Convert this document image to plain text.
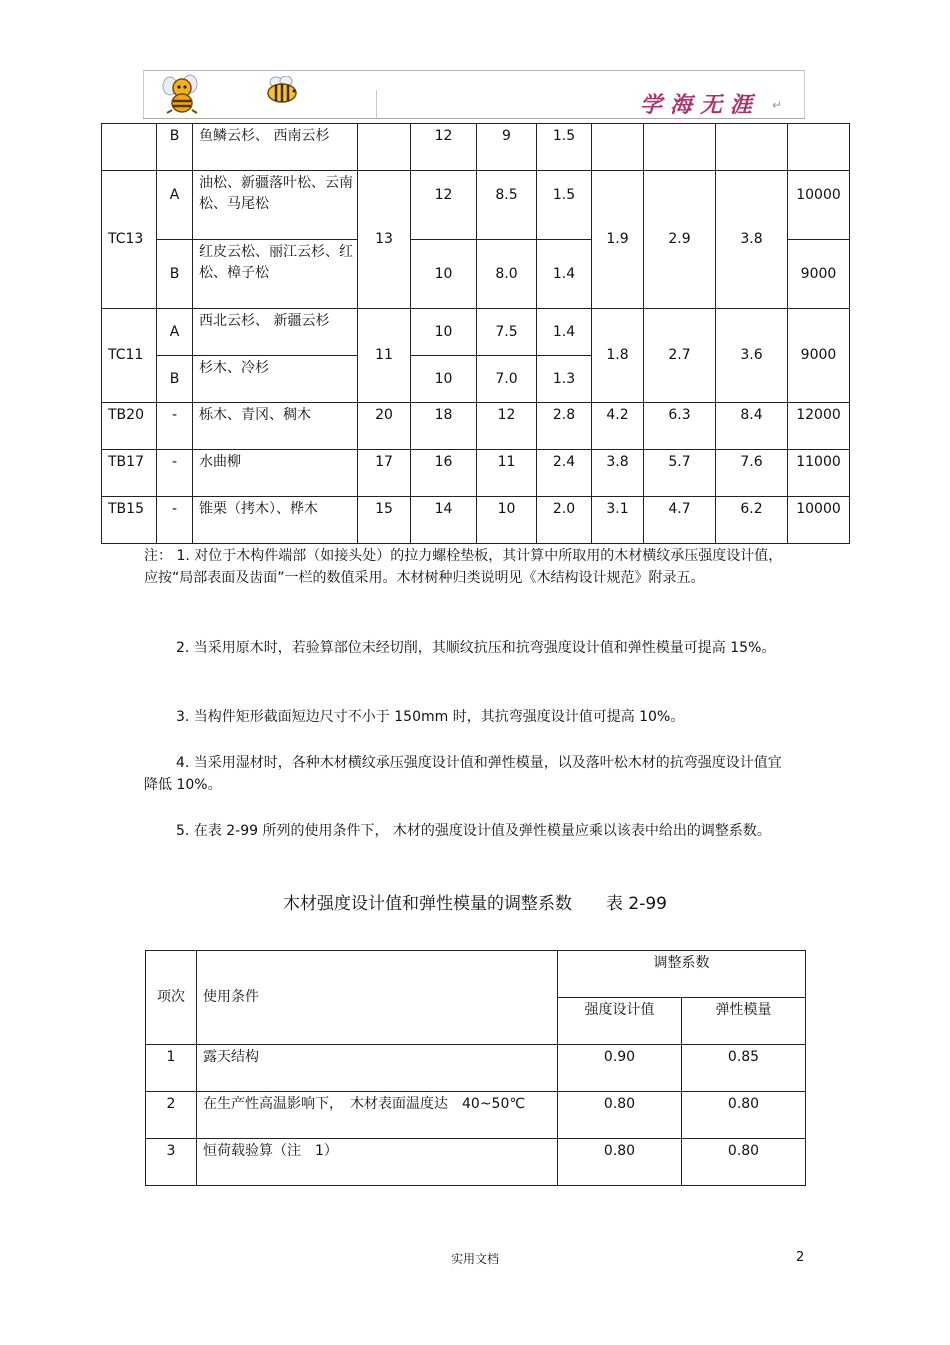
学海无涯 ↵
	B	鱼鳞云杉、 西南云杉		12	9	1.5				
TC13	A	油松、新疆落叶松、云南松、马尾松	13	12	8.5	1.5	1.9	2.9	3.8	10000
	B	红皮云松、丽江云杉、红松、樟子松		10	8.0	1.4				9000
TC11	A	西北云杉、 新疆云杉	11	10	7.5	1.4	1.8	2.7	3.6	9000
	B	杉木、冷杉		10	7.0	1.3				
TB20	-	栎木、青冈、稠木	20	18	12	2.8	4.2	6.3	8.4	12000
TB17	-	水曲柳	17	16	11	2.4	3.8	5.7	7.6	11000
TB15	-	锥栗（拷木）、桦木	15	14	10	2.0	3.1	4.7	6.2	10000

注： 1. 对位于木构件端部（如接头处）的拉力螺栓垫板，其计算中所取用的木材横纹承压强度设计值，应按“局部表面及齿面”一栏的数值采用。木材树种归类说明见《木结构设计规范》附录五。

2. 当采用原木时，若验算部位未经切削，其顺纹抗压和抗弯强度设计值和弹性模量可提高 15%。

3. 当构件矩形截面短边尺寸不小于 150mm 时，其抗弯强度设计值可提高 10%。

4. 当采用湿材时，各种木材横纹承压强度设计值和弹性模量，以及落叶松木材的抗弯强度设计值宜降低 10%。

5. 在表 2-99 所列的使用条件下， 木材的强度设计值及弹性模量应乘以该表中给出的调整系数。

木材强度设计值和弹性模量的调整系数　　表 2-99
项次	使用条件	调整系数	
		强度设计值	弹性模量
1	露天结构	0.90	0.85
2	在生产性高温影响下，　木材表面温度达　40~50℃	0.80	0.80
3	恒荷载验算（注　1）	0.80	0.80
实用文档	2
